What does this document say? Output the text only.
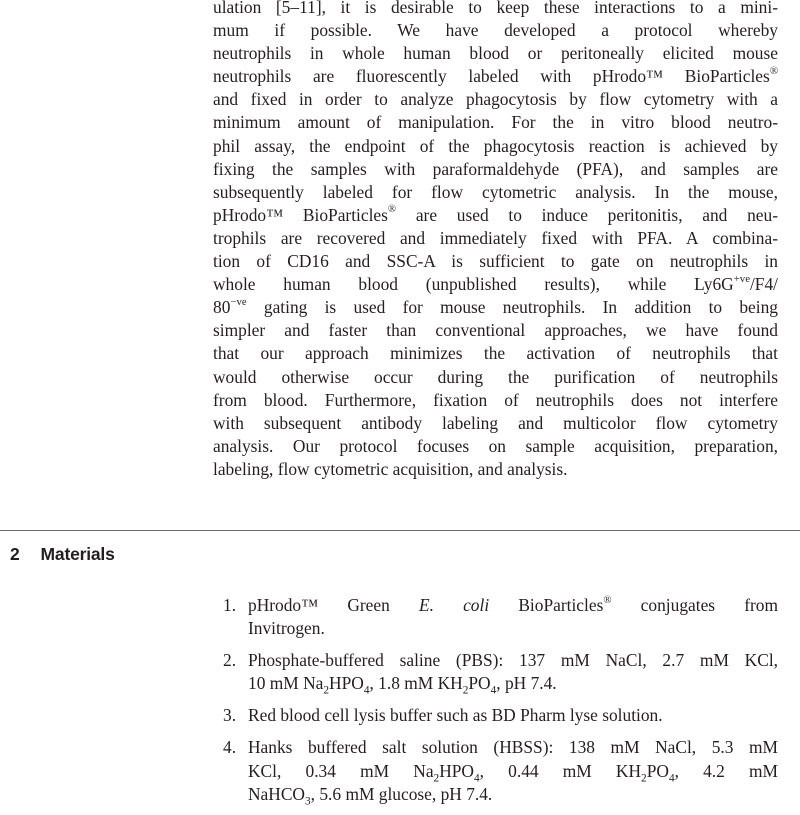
ulation [5–11], it is desirable to keep these interactions to a mini-
mum if possible. We have developed a protocol whereby
neutrophils in whole human blood or peritoneally elicited mouse
neutrophils are fluorescently labeled with pHrodo™ BioParticles®
and fixed in order to analyze phagocytosis by flow cytometry with a
minimum amount of manipulation. For the in vitro blood neutro-
phil assay, the endpoint of the phagocytosis reaction is achieved by
fixing the samples with paraformaldehyde (PFA), and samples are
subsequently labeled for flow cytometric analysis. In the mouse,
pHrodo™ BioParticles® are used to induce peritonitis, and neu-
trophils are recovered and immediately fixed with PFA. A combina-
tion of CD16 and SSC-A is sufficient to gate on neutrophils in
whole human blood (unpublished results), while $Ly6G^{+ve}/F4/$
$80^{-ve}$ gating is used for mouse neutrophils. In addition to being
simpler and faster than conventional approaches, we have found
that our approach minimizes the activation of neutrophils that
would otherwise occur during the purification of neutrophils
from blood. Furthermore, fixation of neutrophils does not interfere
with subsequent antibody labeling and multicolor flow cytometry
analysis. Our protocol focuses on sample acquisition, preparation,
labeling, flow cytometric acquisition, and analysis.

2 Materials
1. pHrodo™ Green E. coli BioParticles® conjugates from
Invitrogen.
2. Phosphate-buffered saline (PBS): 137 mM NaCl, 2.7 mM KCl,
10 mM $Na_2HPO_4$, 1.8 mM $KH_2PO_4$, pH 7.4.
3. Red blood cell lysis buffer such as BD Pharm lyse solution.
4. Hanks buffered salt solution (HBSS): 138 mM NaCl, 5.3 mM
KCl, 0.34 mM $Na_2HPO_4$, 0.44 mM $KH_2PO_4$, 4.2 mM
NaHCO$_3$, 5.6 mM glucose, pH 7.4.
